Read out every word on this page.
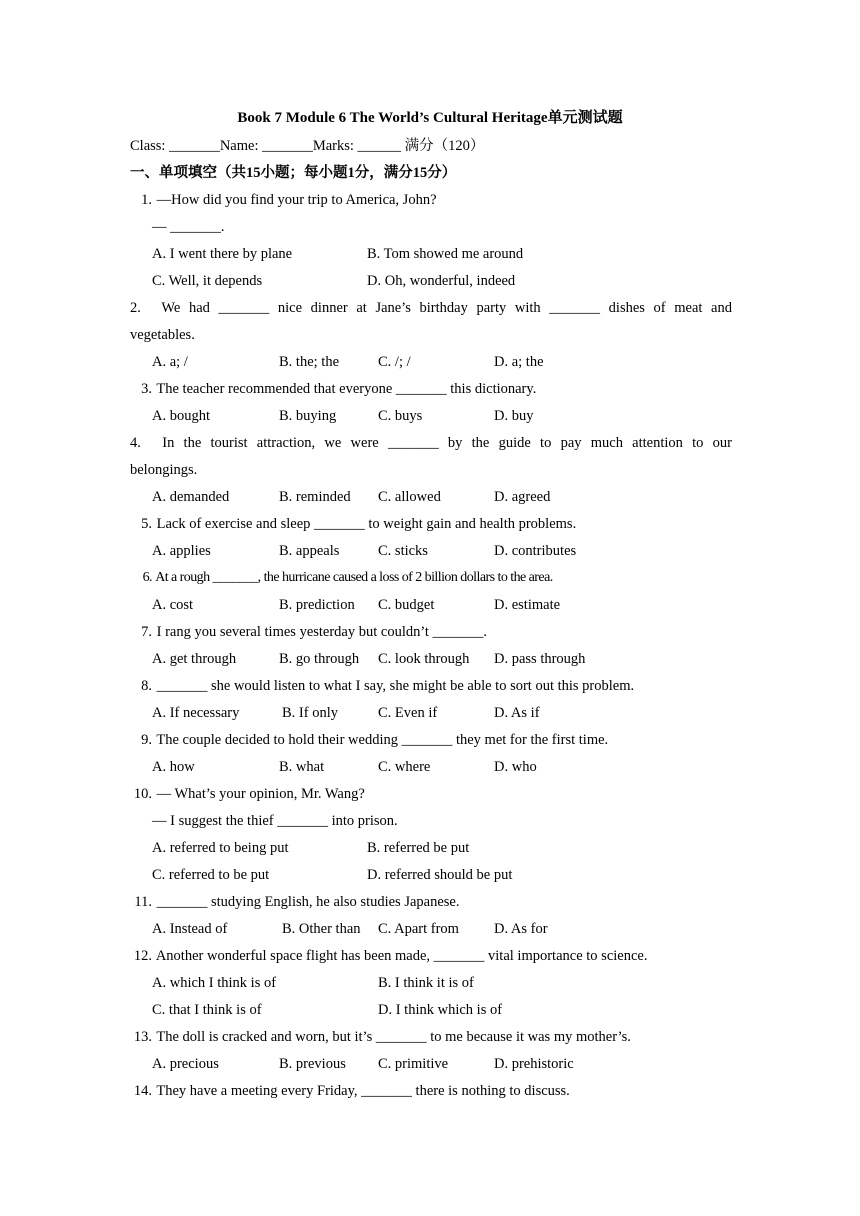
Book 7 Module 6 The World’s Cultural Heritage单元测试题
Class: _______Name: _______Marks: ______ 满分（120）
一、单项填空（共15小题；每小题1分，满分15分）
1. —How did you find your trip to America, John?
— _______.
A. I went there by plane	B. Tom showed me around
C. Well, it depends	D. Oh, wonderful, indeed
2. We had _______ nice dinner at Jane’s birthday party with _______ dishes of meat and
vegetables.
A. a; /	B. the; the	C. /; /	D. a; the
3. The teacher recommended that everyone _______ this dictionary.
A. bought	B. buying	C. buys	D. buy
4. In the tourist attraction, we were _______ by the guide to pay much attention to our
belongings.
A. demanded	B. reminded C. allowed	D. agreed
5. Lack of exercise and sleep _______ to weight gain and health problems.
A. applies	B. appeals	C. sticks	D. contributes
6. At a rough _______, the hurricane caused a loss of 2 billion dollars to the area.
A. cost	B. prediction C. budget	D. estimate
7. I rang you several times yesterday but couldn’t _______.
A. get through	B. go through C. look through D. pass through
8. _______ she would listen to what I say, she might be able to sort out this problem.
A. If necessary	B. If only	C. Even if	D. As if
9. The couple decided to hold their wedding _______ they met for the first time.
A. how	B. what	C. where	D. who
10. — What’s your opinion, Mr. Wang?
— I suggest the thief _______ into prison.
A. referred to being put	B. referred be put
C. referred to be put	D. referred should be put
11. _______ studying English, he also studies Japanese.
A. Instead of	B. Other than C. Apart from D. As for
12. Another wonderful space flight has been made, _______ vital importance to science.
A. which I think is of	B. I think it is of
C. that I think is of	D. I think which is of
13. The doll is cracked and worn, but it’s _______ to me because it was my mother’s.
A. precious	B. previous C. primitive	D. prehistoric
14. They have a meeting every Friday, _______ there is nothing to discuss.
